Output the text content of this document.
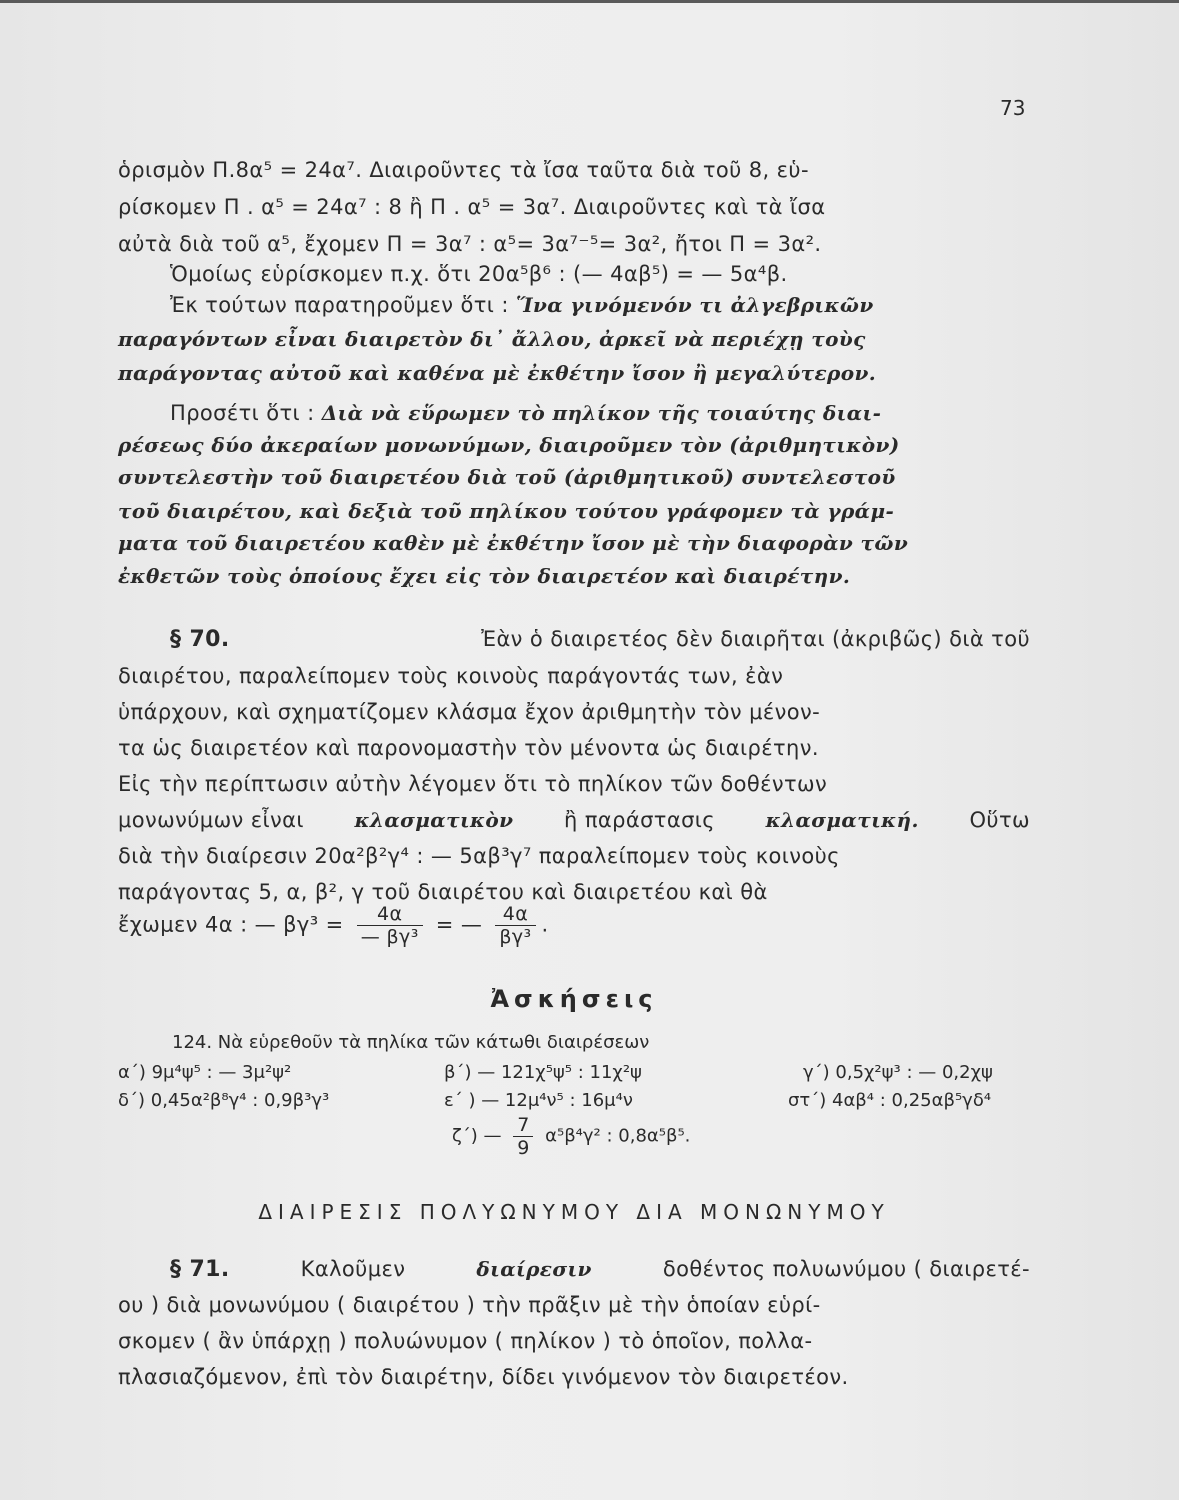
73
ὁρισμὸν Π.8α⁵ = 24α⁷. Διαιροῦντες τὰ ἴσα ταῦτα διὰ τοῦ 8, εὑ-
ρίσκομεν Π . α⁵ = 24α⁷ : 8 ἢ Π . α⁵ = 3α⁷. Διαιροῦντες καὶ τὰ ἴσα
αὐτὰ διὰ τοῦ α⁵, ἔχομεν Π = 3α⁷ : α⁵= 3α⁷⁻⁵= 3α², ἤτοι Π = 3α².
Ὁμοίως εὑρίσκομεν π.χ. ὅτι 20α⁵β⁶ : (— 4αβ⁵) = — 5α⁴β.
Ἐκ τούτων παρατηροῦμεν ὅτι : Ἵνα γινόμενόν τι ἀλγεβρικῶν
παραγόντων εἶναι διαιρετὸν δι᾽ ἄλλου, ἀρκεῖ νὰ περιέχῃ τοὺς
παράγοντας αὐτοῦ καὶ καθένα μὲ ἐκθέτην ἴσον ἢ μεγαλύτερον.
Προσέτι ὅτι : Διὰ νὰ εὕρωμεν τὸ πηλίκον τῆς τοιαύτης διαι-
ρέσεως δύο ἀκεραίων μονωνύμων, διαιροῦμεν τὸν (ἀριθμητικὸν)
συντελεστὴν τοῦ διαιρετέου διὰ τοῦ (ἀριθμητικοῦ) συντελεστοῦ
τοῦ διαιρέτου, καὶ δεξιὰ τοῦ πηλίκου τούτου γράφομεν τὰ γράμ-
ματα τοῦ διαιρετέου καθὲν μὲ ἐκθέτην ἴσον μὲ τὴν διαφορὰν τῶν
ἐκθετῶν τοὺς ὁποίους ἔχει εἰς τὸν διαιρετέον καὶ διαιρέτην.
§ 70.	Ἐὰν ὁ διαιρετέος δὲν διαιρῆται (ἀκριβῶς) διὰ τοῦ
διαιρέτου, παραλείπομεν τοὺς κοινοὺς παράγοντάς των, ἐὰν
ὑπάρχουν, καὶ σχηματίζομεν κλάσμα ἔχον ἀριθμητὴν τὸν μένον-
τα ὡς διαιρετέον καὶ παρονομαστὴν τὸν μένοντα ὡς διαιρέτην.
Εἰς τὴν περίπτωσιν αὐτὴν λέγομεν ὅτι τὸ πηλίκον τῶν δοθέντων
μονωνύμων εἶναι	κλασματικὸν ἢ παράστασις	κλασματική. Οὕτω
διὰ τὴν διαίρεσιν 20α²β²γ⁴ : — 5αβ³γ⁷ παραλείπομεν τοὺς κοινοὺς
παράγοντας 5, α, β², γ τοῦ διαιρέτου καὶ διαιρετέου καὶ θὰ
ἔχωμεν 4α : — $\beta\gamma^3 = \frac{4\alpha}{\text{— βγ³}}$ = — $\frac{4\alpha}{\text{βγ³}}$ .
Ἀσκήσεις
124. Νὰ εὑρεθοῦν τὰ πηλίκα τῶν κάτωθι διαιρέσεων
α΄) 9μ⁴ψ⁵ : — 3μ²ψ²	β΄) — 121χ⁵ψ⁵ : 11χ²ψ	γ΄) 0,5χ²ψ³ : — 0,2χψ
δ΄) 0,45α²β⁸γ⁴ : 0,9β³γ³	ε΄ ) — 12μ⁴ν⁵ : 16μ⁴ν	στ΄) 4αβ⁴ : 0,25αβ⁵γδ⁴
ζ΄) — $\frac{7}{9} \alpha^5\beta^4\gamma^2$ : 0,8α⁵β⁵.
ΔΙΑΙΡΕΣΙΣ ΠΟΛΥΩΝΥΜΟΥ ΔΙΑ ΜΟΝΩΝΥΜΟΥ
§ 71.	Καλοῦμεν	διαίρεσιν	δοθέντος πολυωνύμου ( διαιρετέ-
ου ) διὰ μονωνύμου ( διαιρέτου ) τὴν πρᾶξιν μὲ τὴν ὁποίαν εὑρί-
σκομεν ( ἂν ὑπάρχῃ ) πολυώνυμον ( πηλίκον ) τὸ ὁποῖον, πολλα-
πλασιαζόμενον, ἐπὶ τὸν διαιρέτην, δίδει γινόμενον τὸν διαιρετέον.
